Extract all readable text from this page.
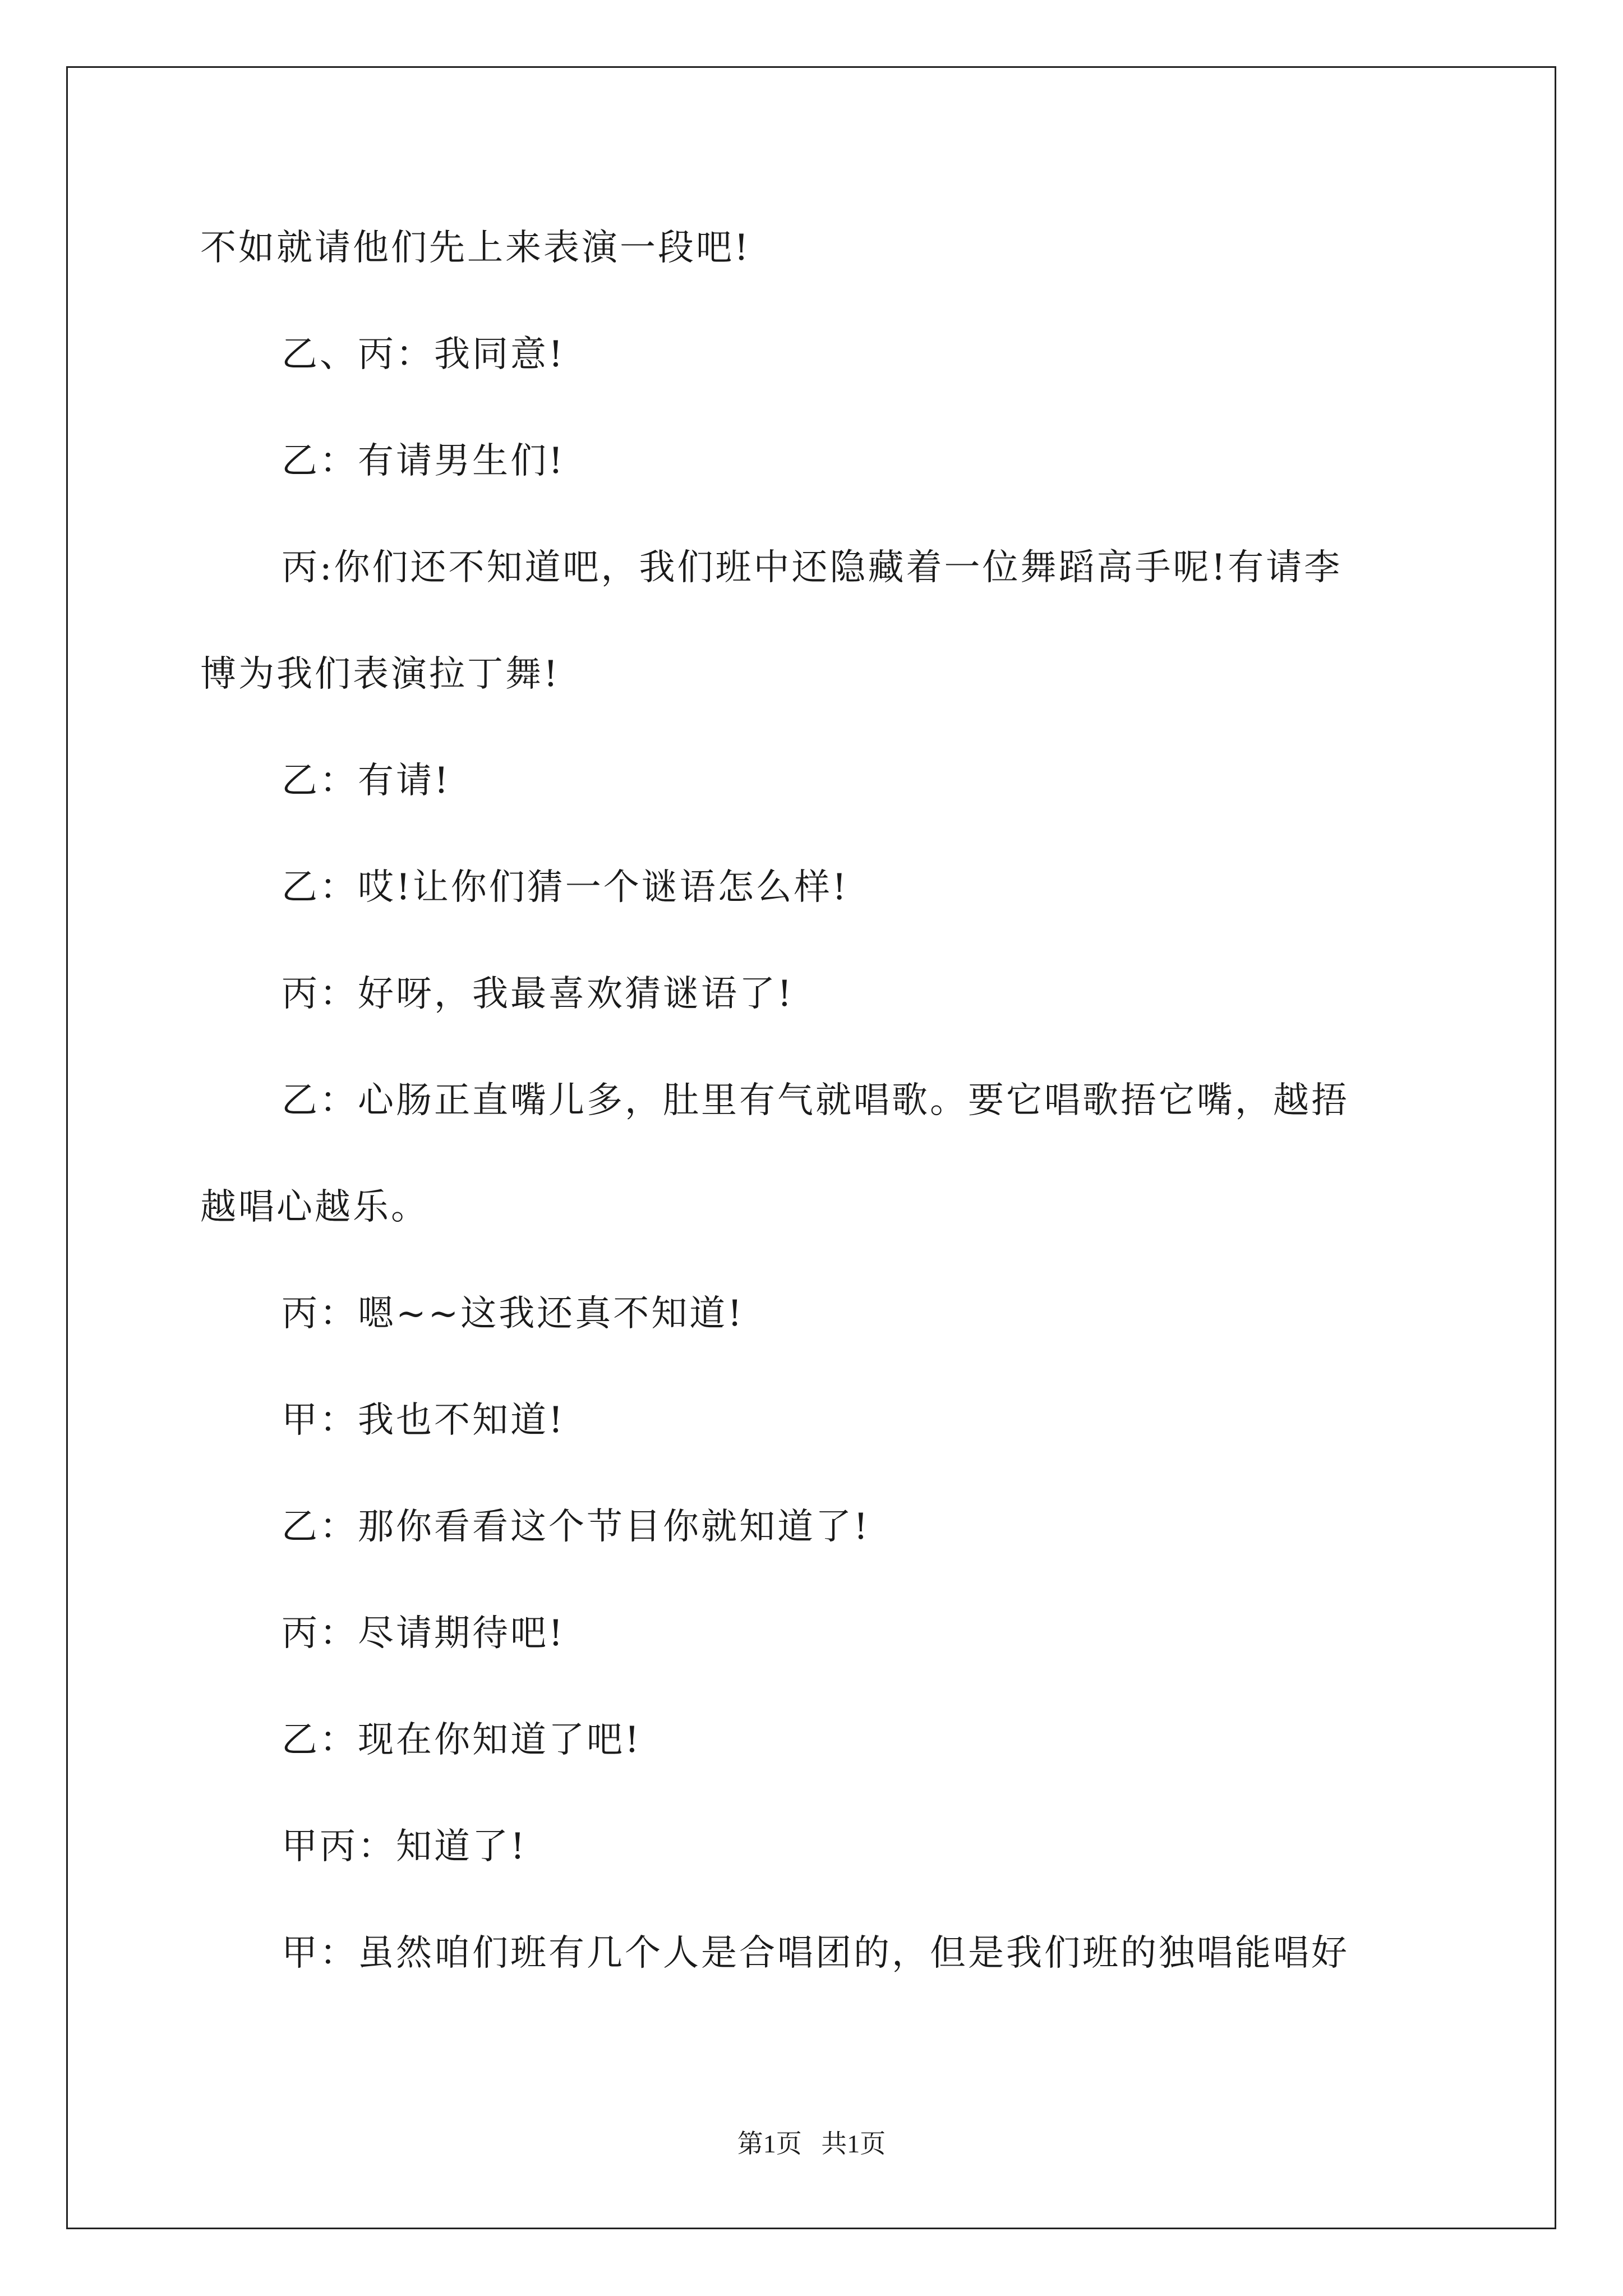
不如就请他们先上来表演一段吧!
乙、丙：我同意!
乙：有请男生们!
丙:你们还不知道吧，我们班中还隐藏着一位舞蹈高手呢!有请李
博为我们表演拉丁舞!
乙：有请!
乙：哎!让你们猜一个谜语怎么样!
丙：好呀，我最喜欢猜谜语了!
乙：心肠正直嘴儿多，肚里有气就唱歌。要它唱歌捂它嘴，越捂
越唱心越乐。
丙：嗯~~这我还真不知道!
甲：我也不知道!
乙：那你看看这个节目你就知道了!
丙：尽请期待吧!
乙：现在你知道了吧!
甲丙：知道了!
甲：虽然咱们班有几个人是合唱团的，但是我们班的独唱能唱好
第1页   共1页
